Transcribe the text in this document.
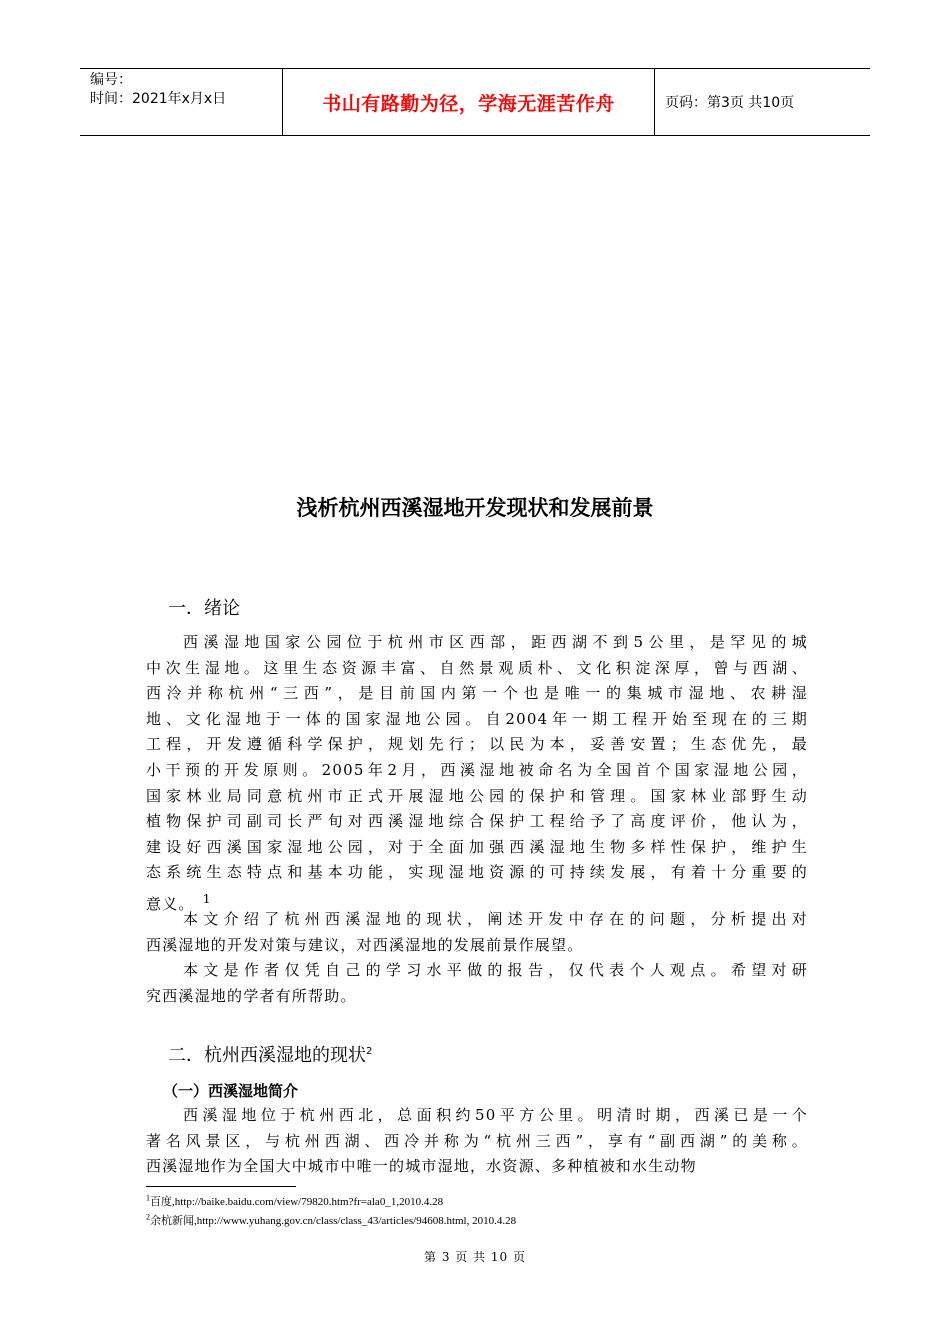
编号：
时间：2021年x月x日	书山有路勤为径，学海无涯苦作舟	页码：第3页 共10页
浅析杭州西溪湿地开发现状和发展前景
一．绪论
西溪湿地国家公园位于杭州市区西部，距西湖不到5公里，是罕见的城
中次生湿地。这里生态资源丰富、自然景观质朴、文化积淀深厚，曾与西湖、
西泠并称杭州“三西”，是目前国内第一个也是唯一的集城市湿地、农耕湿
地、文化湿地于一体的国家湿地公园。自2004年一期工程开始至现在的三期
工程，开发遵循科学保护，规划先行；以民为本，妥善安置；生态优先，最
小干预的开发原则。2005年2月，西溪湿地被命名为全国首个国家湿地公园，
国家林业局同意杭州市正式开展湿地公园的保护和管理。国家林业部野生动
植物保护司副司长严旬对西溪湿地综合保护工程给予了高度评价，他认为，
建设好西溪国家湿地公园，对于全面加强西溪湿地生物多样性保护，维护生
态系统生态特点和基本功能，实现湿地资源的可持续发展，有着十分重要的
意义。 $^1$
本文介绍了杭州西溪湿地的现状，阐述开发中存在的问题，分析提出对
西溪湿地的开发对策与建议，对西溪湿地的发展前景作展望。
本文是作者仅凭自己的学习水平做的报告，仅代表个人观点。希望对研
究西溪湿地的学者有所帮助。
二．杭州西溪湿地的现状$^2$
（一）西溪湿地简介
西溪湿地位于杭州西北，总面积约50平方公里。明清时期，西溪已是一个
著名风景区，与杭州西湖、西冷并称为“杭州三西”，享有“副西湖”的美称。
西溪湿地作为全国大中城市中唯一的城市湿地，水资源、多种植被和水生动物
$^1$百度,http://baike.baidu.com/view/79820.htm?fr=ala0_1,2010.4.28
$^2$余杭新闻,http://www.yuhang.gov.cn/class/class_43/articles/94608.html, 2010.4.28
第 3 页 共 10 页
